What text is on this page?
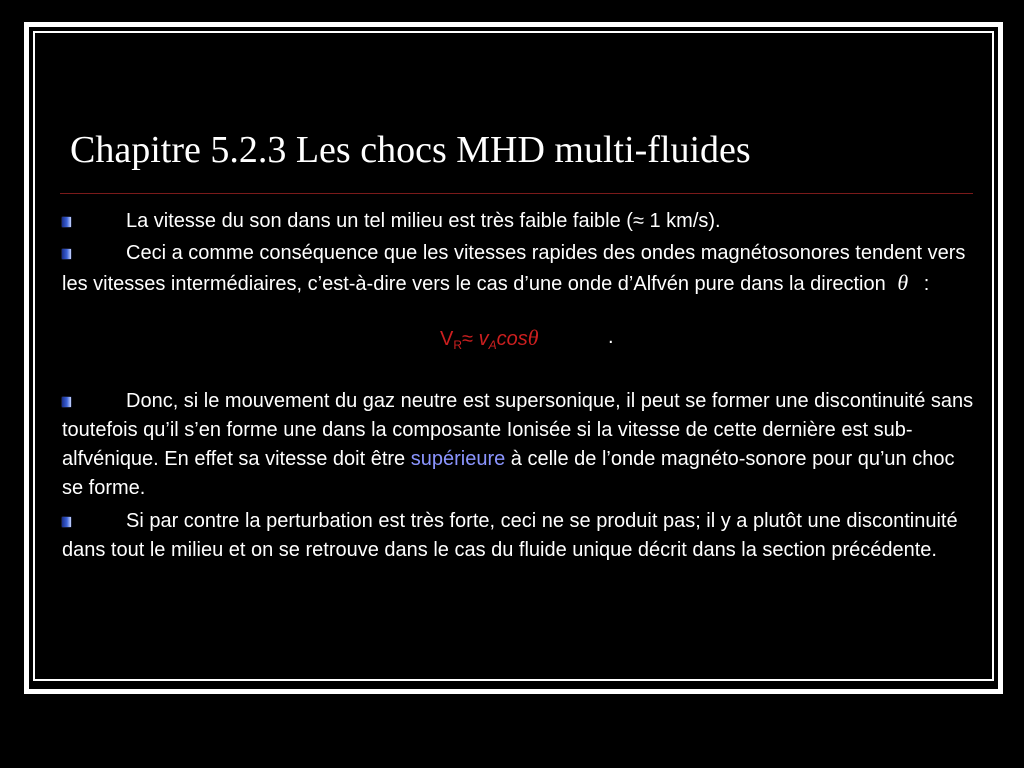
Chapitre 5.2.3 Les chocs MHD multi-fluides

La vitesse du son dans un tel milieu est très faible faible (≈ 1 km/s).

Ceci a comme conséquence que les vitesses rapides des ondes magnétosonores tendent vers les vitesses intermédiaires, c’est-à-dire vers le cas d’une onde d’Alfvén pure dans la direction θ :

$V_R\approx v_A\cos\theta$	.

Donc, si le mouvement du gaz neutre est supersonique, il peut se former une discontinuité sans toutefois qu’il s’en forme une dans la composante Ionisée si la vitesse de cette dernière est sub-alfvénique. En effet sa vitesse doit être supérieure à celle de l’onde magnéto-sonore pour qu’un choc se forme.

Si par contre la perturbation est très forte, ceci ne se produit pas; il y a plutôt une discontinuité dans tout le milieu et on se retrouve dans le cas du fluide unique décrit dans la section précédente.
